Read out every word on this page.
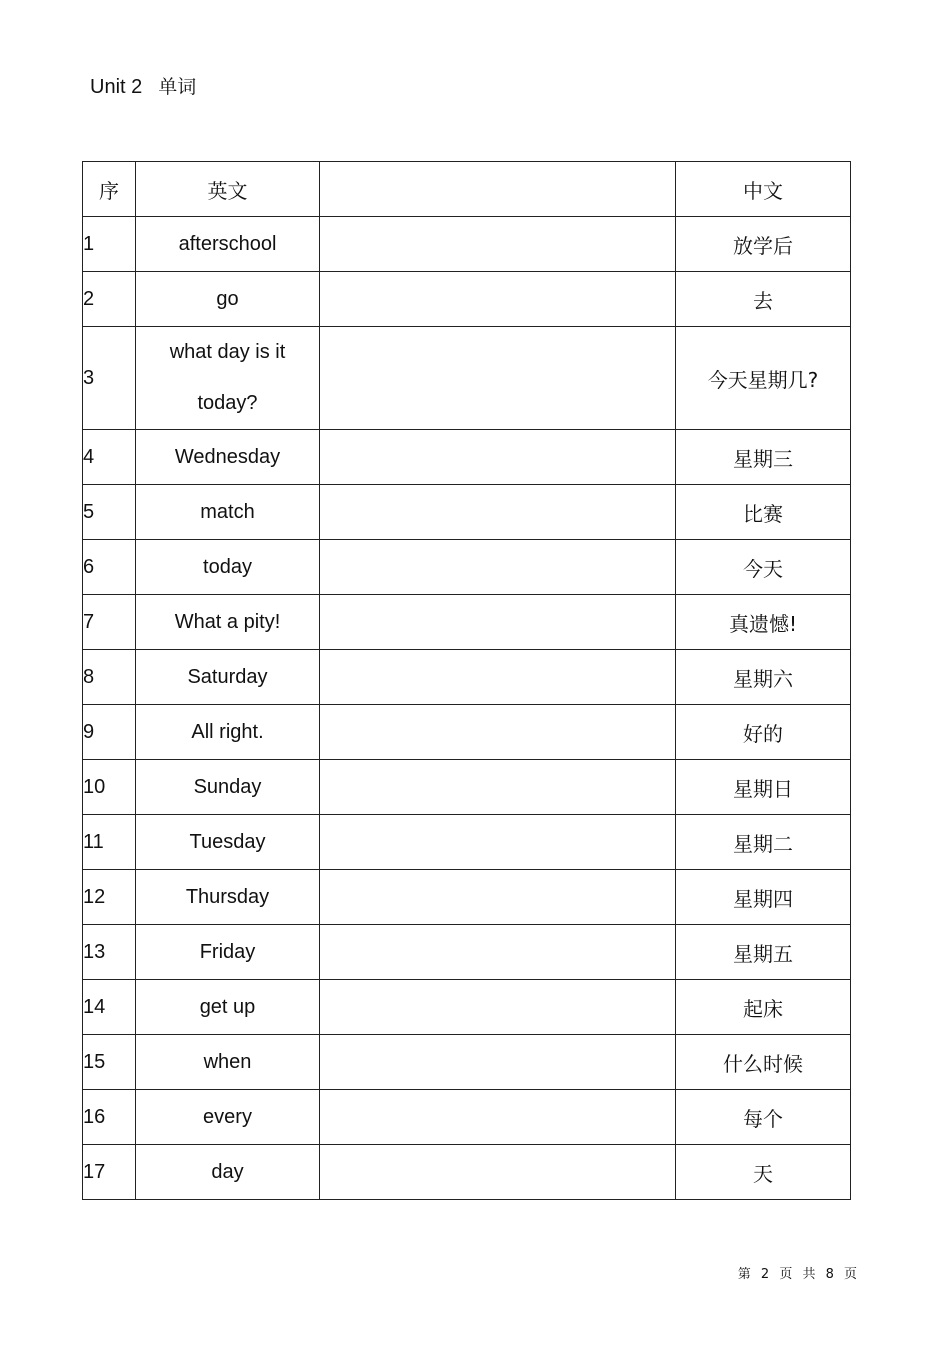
Unit 2 单词
序	英文		中文
1	afterschool		放学后
2	go		去
3	what day is it today?		今天星期几?
4	Wednesday		星期三
5	match		比赛
6	today		今天
7	What a pity!		真遗憾!
8	Saturday		星期六
9	All right.		好的
10	Sunday		星期日
11	Tuesday		星期二
12	Thursday		星期四
13	Friday		星期五
14	get up		起床
15	when		什么时候
16	every		每个
17	day		天
第 2 页 共 8 页
